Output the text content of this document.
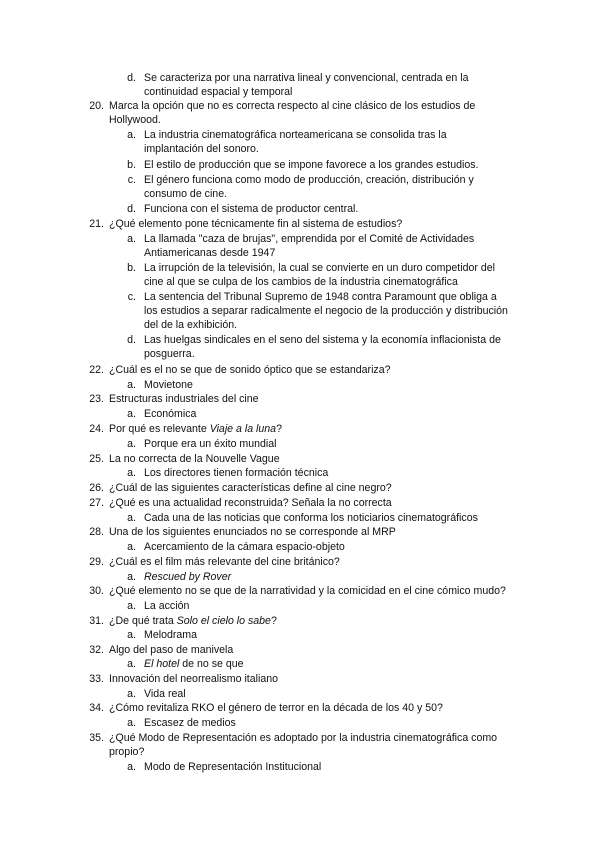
d. Se caracteriza por una narrativa lineal y convencional, centrada en la
continuidad espacial y temporal
20. Marca la opción que no es correcta respecto al cine clásico de los estudios de
Hollywood.
a. La industria cinematográfica norteamericana se consolida tras la
implantación del sonoro.
b. El estilo de producción que se impone favorece a los grandes estudios.
c. El género funciona como modo de producción, creación, distribución y
consumo de cine.
d. Funciona con el sistema de productor central.
21. ¿Qué elemento pone técnicamente fin al sistema de estudios?
a. La llamada "caza de brujas", emprendida por el Comité de Actividades
Antiamericanas desde 1947
b. La irrupción de la televisión, la cual se convierte en un duro competidor del
cine al que se culpa de los cambios de la industria cinematográfica
c. La sentencia del Tribunal Supremo de 1948 contra Paramount que obliga a
los estudios a separar radicalmente el negocio de la producción y distribución
del de la exhibición.
d. Las huelgas sindicales en el seno del sistema y la economía inflacionista de
posguerra.
22. ¿Cuál es el no se que de sonido óptico que se estandariza?
a. Movietone
23. Estructuras industriales del cine
a. Económica
24. Por qué es relevante Viaje a la luna?
a. Porque era un éxito mundial
25. La no correcta de la Nouvelle Vague
a. Los directores tienen formación técnica
26. ¿Cuál de las siguientes características define al cine negro?
27. ¿Qué es una actualidad reconstruida? Señala la no correcta
a. Cada una de las noticias que conforma los noticiarios cinematográficos
28. Una de los siguientes enunciados no se corresponde al MRP
a. Acercamiento de la cámara espacio-objeto
29. ¿Cuál es el film más relevante del cine británico?
a. Rescued by Rover
30. ¿Qué elemento no se que de la narratividad y la comicidad en el cine cómico mudo?
a. La acción
31. ¿De qué trata Solo el cielo lo sabe?
a. Melodrama
32. Algo del paso de manivela
a. El hotel de no se que
33. Innovación del neorrealismo italiano
a. Vida real
34. ¿Cómo revitaliza RKO el género de terror en la década de los 40 y 50?
a. Escasez de medios
35. ¿Qué Modo de Representación es adoptado por la industria cinematográfica como
propio?
a. Modo de Representación Institucional
